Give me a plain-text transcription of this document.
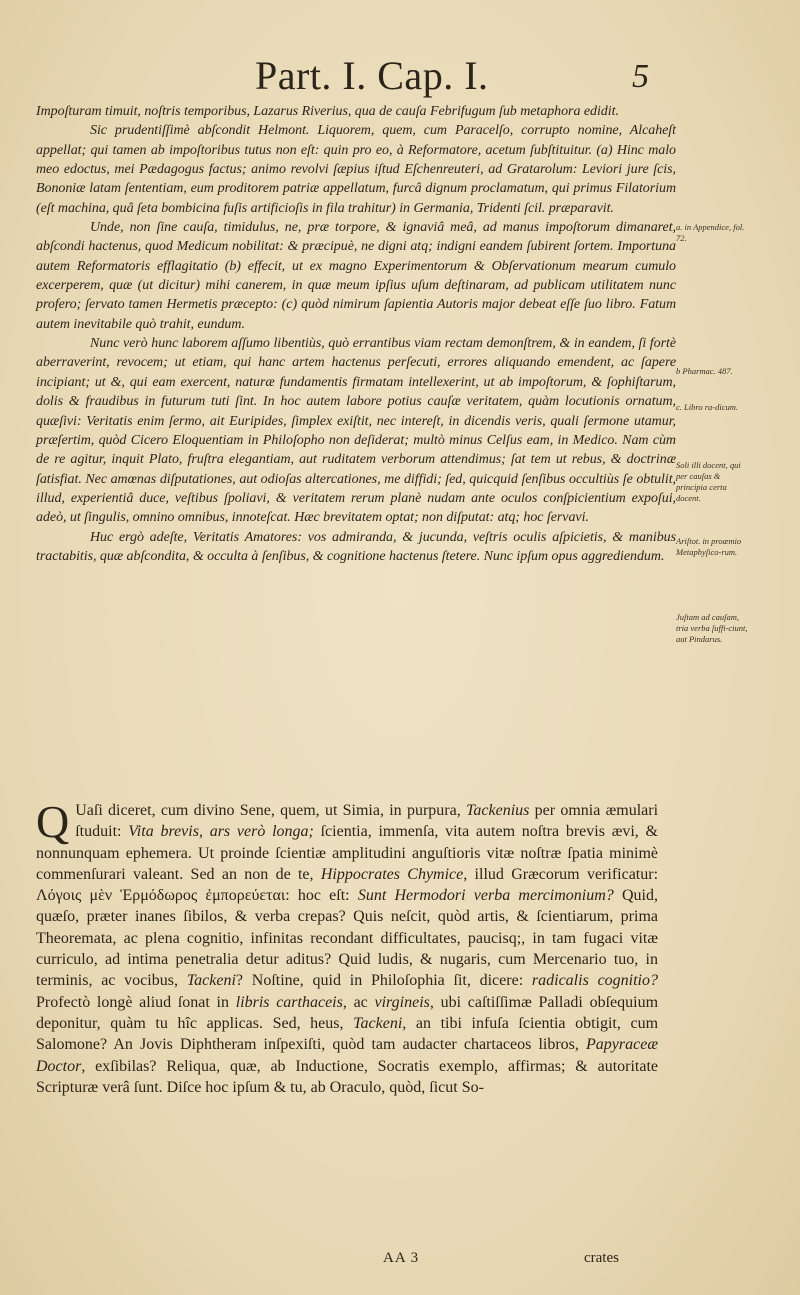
Part. I. Cap. I.	5

Impoſturam timuit, noſtris temporibus, Lazarus Riverius, qua de cauſa Febrifugum ſub metaphora edidit.

Sic prudentiſſimè abſcondit Helmont. Liquorem, quem, cum Paracelſo, corrupto nomine, Alcaheſt appellat; qui tamen ab impoſtoribus tutus non eſt: quin pro eo, à Reformatore, acetum ſubſtituitur. (a) Hinc malo meo edoctus, mei Pædagogus factus; animo revolvi ſæpius iſtud Eſchenreuteri, ad Gratarolum: Leviori jure ſcis, Bononiæ latam ſententiam, eum proditorem patriæ appellatum, furcâ dignum proclamatum, qui primus Filatorium (eſt machina, quâ ſeta bombicina fuſis artificioſis in fila trahitur) in Germania, Tridenti ſcil. præparavit.

Unde, non ſine cauſa, timidulus, ne, præ torpore, & ignaviâ meâ, ad manus impoſtorum dimanaret, abſcondi hactenus, quod Medicum nobilitat: & præcipuè, ne digni atq; indigni eandem ſubirent ſortem. Importuna autem Reformatoris efflagitatio (b) effecit, ut ex magno Experimentorum & Obſervationum mearum cumulo excerperem, quæ (ut dicitur) mihi canerem, in quæ meum ipſius uſum deſtinaram, ad publicam utilitatem nunc profero; ſervato tamen Hermetis præcepto: (c) quòd nimirum ſapientia Autoris major debeat eſſe ſuo libro. Fatum autem inevitabile quò trahit, eundum.

Nunc verò hunc laborem aſſumo libentiùs, quò errantibus viam rectam demonſtrem, & in eandem, ſi fortè aberraverint, revocem; ut etiam, qui hanc artem hactenus perſecuti, errores aliquando emendent, ac ſapere incipiant; ut &, qui eam exercent, naturæ fundamentis firmatam intellexerint, ut ab impoſtorum, & ſophiſtarum, dolis & fraudibus in futurum tuti ſint. In hoc autem labore potius cauſæ veritatem, quàm locutionis ornatum, quæſivi: Veritatis enim ſermo, ait Euripides, ſimplex exiſtit, nec intereſt, in dicendis veris, quali ſermone utamur, præſertim, quòd Cicero Eloquentiam in Philoſopho non deſiderat; multò minus Celſus eam, in Medico. Nam cùm de re agitur, inquit Plato, fruſtra elegantiam, aut ruditatem verborum attendimus; ſat tem ut rebus, & doctrinæ ſatisfiat. Nec amœnas diſputationes, aut odioſas altercationes, me diffidi; ſed, quicquid ſenſibus occultiùs ſe obtulit, illud, experientiâ duce, veſtibus ſpoliavi, & veritatem rerum planè nudam ante oculos conſpicientium expoſui, adeò, ut ſingulis, omnino omnibus, innoteſcat. Hæc brevitatem optat; non diſputat: atq; hoc ſervavi.

Huc ergò adeſte, Veritatis Amatores: vos admiranda, & jucunda, veſtris oculis aſpicietis, & manibus tractabitis, quæ abſcondita, & occulta à ſenſibus, & cognitione hactenus ſtetere. Nunc ipſum opus aggrediendum.

a. in Appendice, fol. 72.
b Pharmac. 487.
c. Libro ra-dicum.
Soli illi docent, qui per cauſas & principia certa docent.
Ariſtot. in proæmio Metaphyſico-rum.
Juſtam ad cauſam, tria verba ſuffi-ciunt, aut Pindarus.
Q Uaſi diceret, cum divino Sene, quem, ut Simia, in purpura, Tackenius per omnia æmulari ſtuduit: Vita brevis, ars verò longa; ſcientia, immenſa, vita autem noſtra brevis ævi, & nonnunquam ephemera. Ut proinde ſcientiæ amplitudini anguſtioris vitæ noſtræ ſpatia minimè commenſurari valeant. Sed an non de te, Hippocrates Chymice, illud Græcorum verificatur: Λόγοις μὲν Ἑρμόδωρος ἐμπορεύεται: hoc eſt: Sunt Hermodori verba mercimonium? Quid, quæſo, præter inanes ſibilos, & verba crepas? Quis neſcit, quòd artis, & ſcientiarum, prima Theoremata, ac plena cognitio, infinitas recondant difficultates, paucisq;, in tam fugaci vitæ curriculo, ad intima penetralia detur aditus? Quid ludis, & nugaris, cum Mercenario tuo, in terminis, ac vocibus, Tackeni? Noſtine, quid in Philoſophia ſit, dicere: radicalis cognitio? Profectò longè aliud ſonat in libris carthaceis, ac virgineis, ubi caſtiſſimæ Palladi obſequium deponitur, quàm tu hîc applicas. Sed, heus, Tackeni, an tibi infuſa ſcientia obtigit, cum Salomone? An Jovis Diphtheram inſpexiſti, quòd tam audacter chartaceos libros, Papyraceæ Doctor, exſibilas? Reliqua, quæ, ab Inductione, Socratis exemplo, affirmas; & autoritate Scripturæ verâ ſunt. Diſce hoc ipſum & tu, ab Oraculo, quòd, ſicut So-

AA 3	crates
